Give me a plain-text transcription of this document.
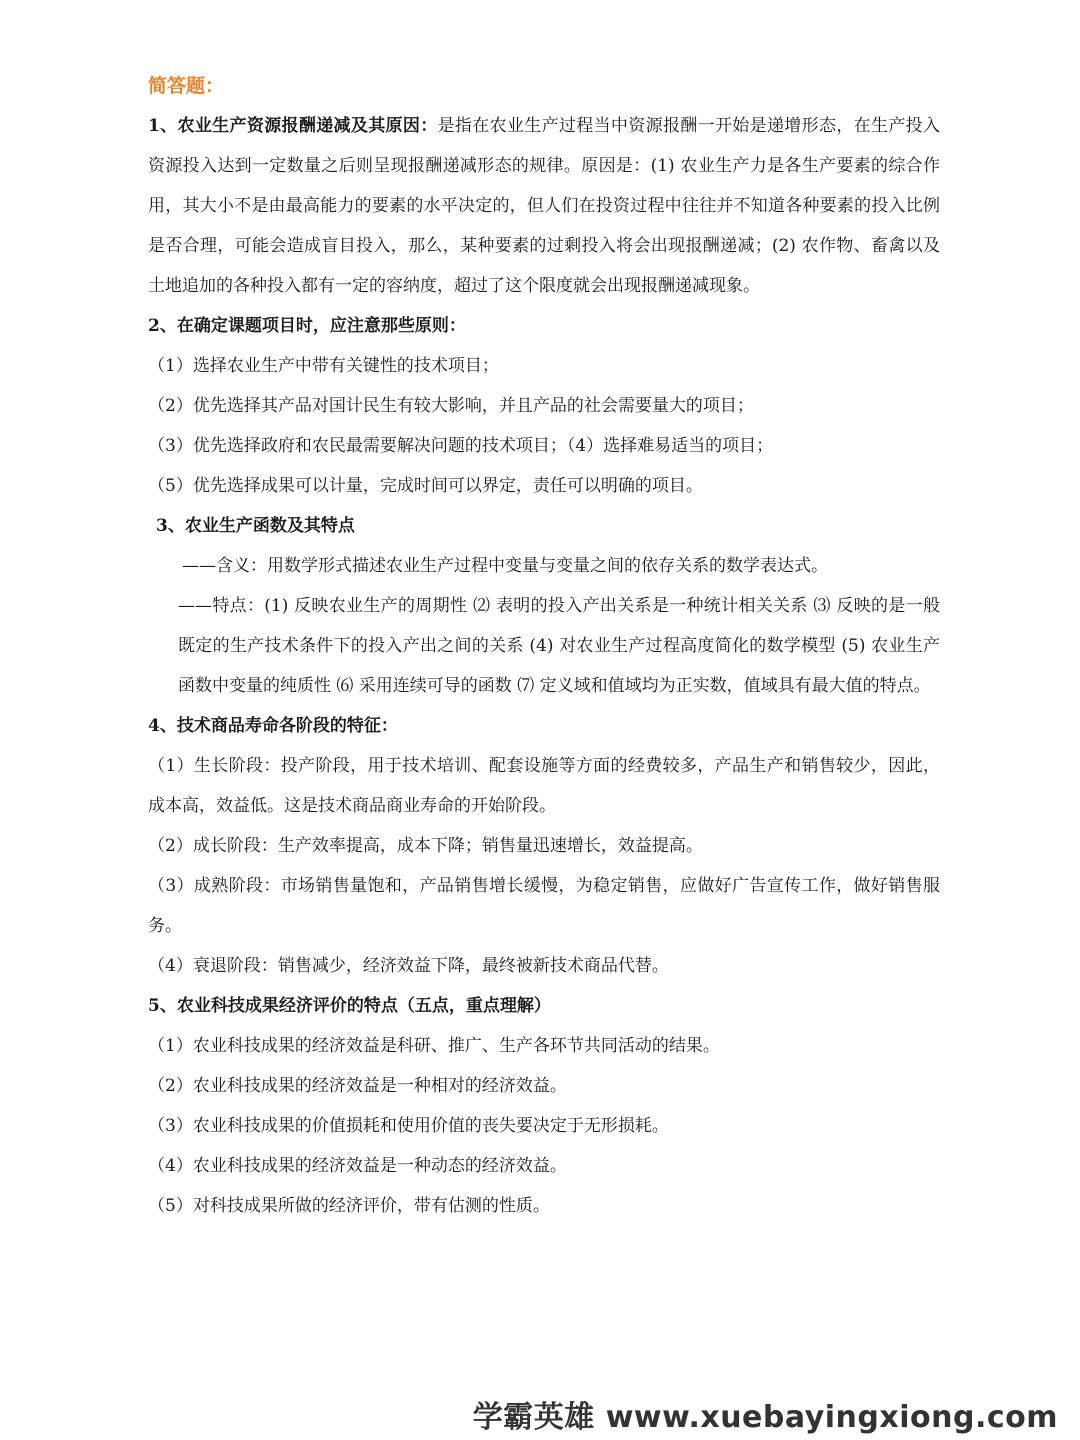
简答题：

1、农业生产资源报酬递减及其原因：是指在农业生产过程当中资源报酬一开始是递增形态，在生产投入资源投入达到一定数量之后则呈现报酬递减形态的规律。原因是：(1) 农业生产力是各生产要素的综合作用，其大小不是由最高能力的要素的水平决定的，但人们在投资过程中往往并不知道各种要素的投入比例是否合理，可能会造成盲目投入，那么，某种要素的过剩投入将会出现报酬递减；(2) 农作物、畜禽以及土地追加的各种投入都有一定的容纳度，超过了这个限度就会出现报酬递减现象。

2、在确定课题项目时，应注意那些原则：

（1）选择农业生产中带有关键性的技术项目；

（2）优先选择其产品对国计民生有较大影响，并且产品的社会需要量大的项目；

（3）优先选择政府和农民最需要解决问题的技术项目；（4）选择难易适当的项目；

（5）优先选择成果可以计量，完成时间可以界定，责任可以明确的项目。

3、农业生产函数及其特点

——含义：用数学形式描述农业生产过程中变量与变量之间的依存关系的数学表达式。

——特点：(1) 反映农业生产的周期性 ⑵ 表明的投入产出关系是一种统计相关关系 ⑶ 反映的是一般既定的生产技术条件下的投入产出之间的关系 (4) 对农业生产过程高度简化的数学模型 (5) 农业生产函数中变量的纯质性 ⑹ 采用连续可导的函数 ⑺ 定义域和值域均为正实数，值域具有最大值的特点。

4、技术商品寿命各阶段的特征：

（1）生长阶段：投产阶段，用于技术培训、配套设施等方面的经费较多，产品生产和销售较少，因此，成本高，效益低。这是技术商品商业寿命的开始阶段。

（2）成长阶段：生产效率提高，成本下降；销售量迅速增长，效益提高。

（3）成熟阶段：市场销售量饱和，产品销售增长缓慢，为稳定销售，应做好广告宣传工作，做好销售服务。

（4）衰退阶段：销售减少，经济效益下降，最终被新技术商品代替。

5、农业科技成果经济评价的特点（五点，重点理解）

（1）农业科技成果的经济效益是科研、推广、生产各环节共同活动的结果。

（2）农业科技成果的经济效益是一种相对的经济效益。

（3）农业科技成果的价值损耗和使用价值的丧失要决定于无形损耗。

（4）农业科技成果的经济效益是一种动态的经济效益。

（5）对科技成果所做的经济评价，带有估测的性质。

学霸英雄 www.xuebayingxiong.com
